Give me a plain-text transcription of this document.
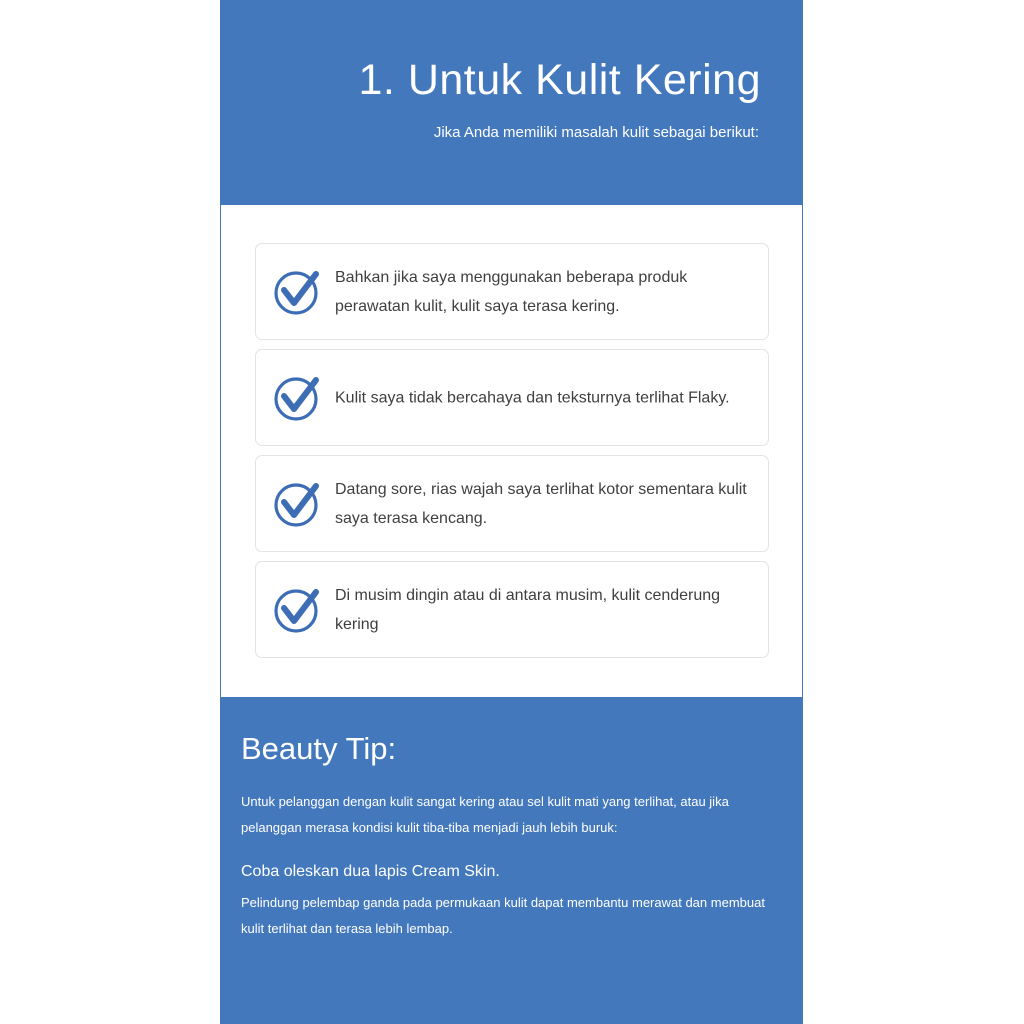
1. Untuk Kulit Kering

Jika Anda memiliki masalah kulit sebagai berikut:

Bahkan jika saya menggunakan beberapa produk perawatan kulit, kulit saya terasa kering.

Kulit saya tidak bercahaya dan teksturnya terlihat Flaky.

Datang sore, rias wajah saya terlihat kotor sementara kulit saya terasa kencang.

Di musim dingin atau di antara musim, kulit cenderung kering

Beauty Tip:

Untuk pelanggan dengan kulit sangat kering atau sel kulit mati yang terlihat, atau jika pelanggan merasa kondisi kulit tiba-tiba menjadi jauh lebih buruk:

Coba oleskan dua lapis Cream Skin.

Pelindung pelembap ganda pada permukaan kulit dapat membantu merawat dan membuat kulit terlihat dan terasa lebih lembap.
